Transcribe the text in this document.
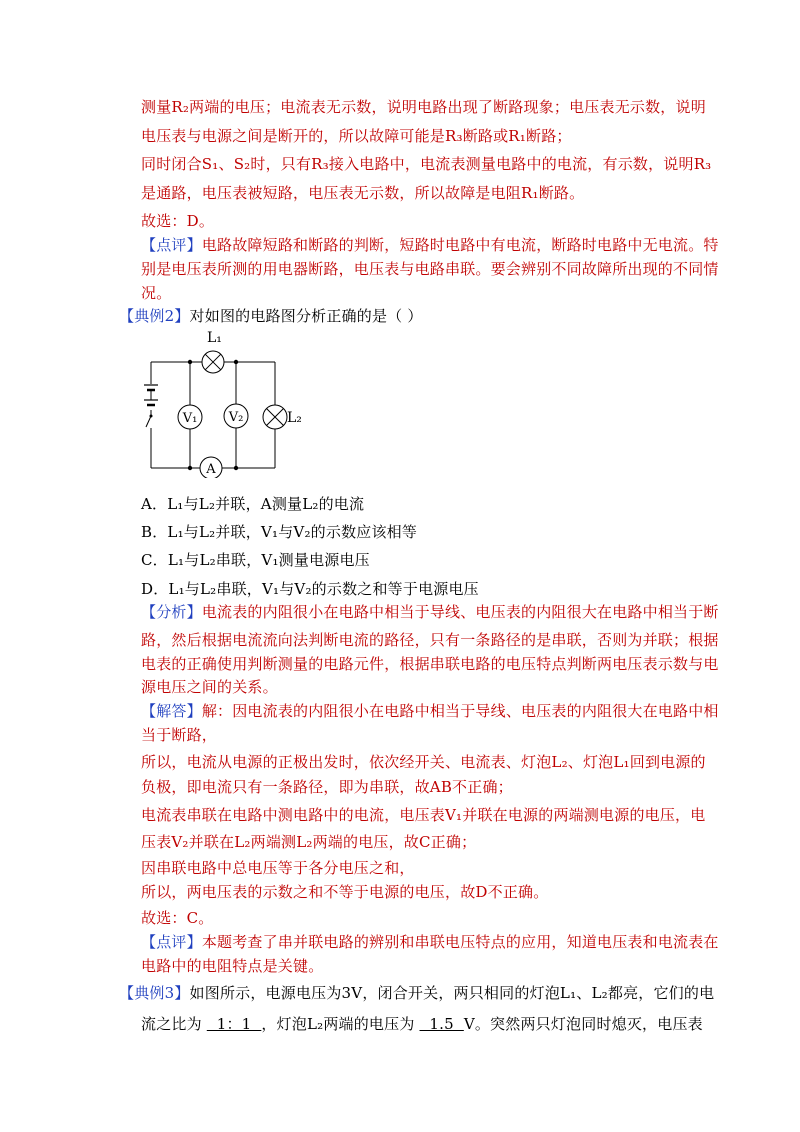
测量R₂两端的电压；电流表无示数，说明电路出现了断路现象；电压表无示数，说明
电压表与电源之间是断开的，所以故障可能是R₃断路或R₁断路；
同时闭合S₁、S₂时，只有R₃接入电路中，电流表测量电路中的电流，有示数，说明R₃
是通路，电压表被短路，电压表无示数，所以故障是电阻R₁断路。
故选：D。
【点评】电路故障短路和断路的判断，短路时电路中有电流，断路时电路中无电流。特
别是电压表所测的用电器断路，电压表与电路串联。要会辨别不同故障所出现的不同情
况。
【典例2】对如图的电路图分析正确的是（ ）
L₁
L₂
V₁ V₂
A
A．L₁与L₂并联，A测量L₂的电流
B．L₁与L₂并联，V₁与V₂的示数应该相等
C．L₁与L₂串联，V₁测量电源电压
D．L₁与L₂串联，V₁与V₂的示数之和等于电源电压
【分析】电流表的内阻很小在电路中相当于导线、电压表的内阻很大在电路中相当于断
路，然后根据电流流向法判断电流的路径，只有一条路径的是串联，否则为并联；根据
电表的正确使用判断测量的电路元件，根据串联电路的电压特点判断两电压表示数与电
源电压之间的关系。
【解答】解：因电流表的内阻很小在电路中相当于导线、电压表的内阻很大在电路中相
当于断路，
所以，电流从电源的正极出发时，依次经开关、电流表、灯泡L₂、灯泡L₁回到电源的
负极，即电流只有一条路径，即为串联，故AB不正确；
电流表串联在电路中测电路中的电流，电压表V₁并联在电源的两端测电源的电压，电
压表V₂并联在L₂两端测L₂两端的电压，故C正确；
因串联电路中总电压等于各分电压之和，
所以，两电压表的示数之和不等于电源的电压，故D不正确。
故选：C。
【点评】本题考查了串并联电路的辨别和串联电压特点的应用，知道电压表和电流表在
电路中的电阻特点是关键。
【典例3】如图所示，电源电压为3V，闭合开关，两只相同的灯泡L₁、L₂都亮，它们的电
流之比为   1：1  ，灯泡L₂两端的电压为   1.5  V。突然两只灯泡同时熄灭，电压表
